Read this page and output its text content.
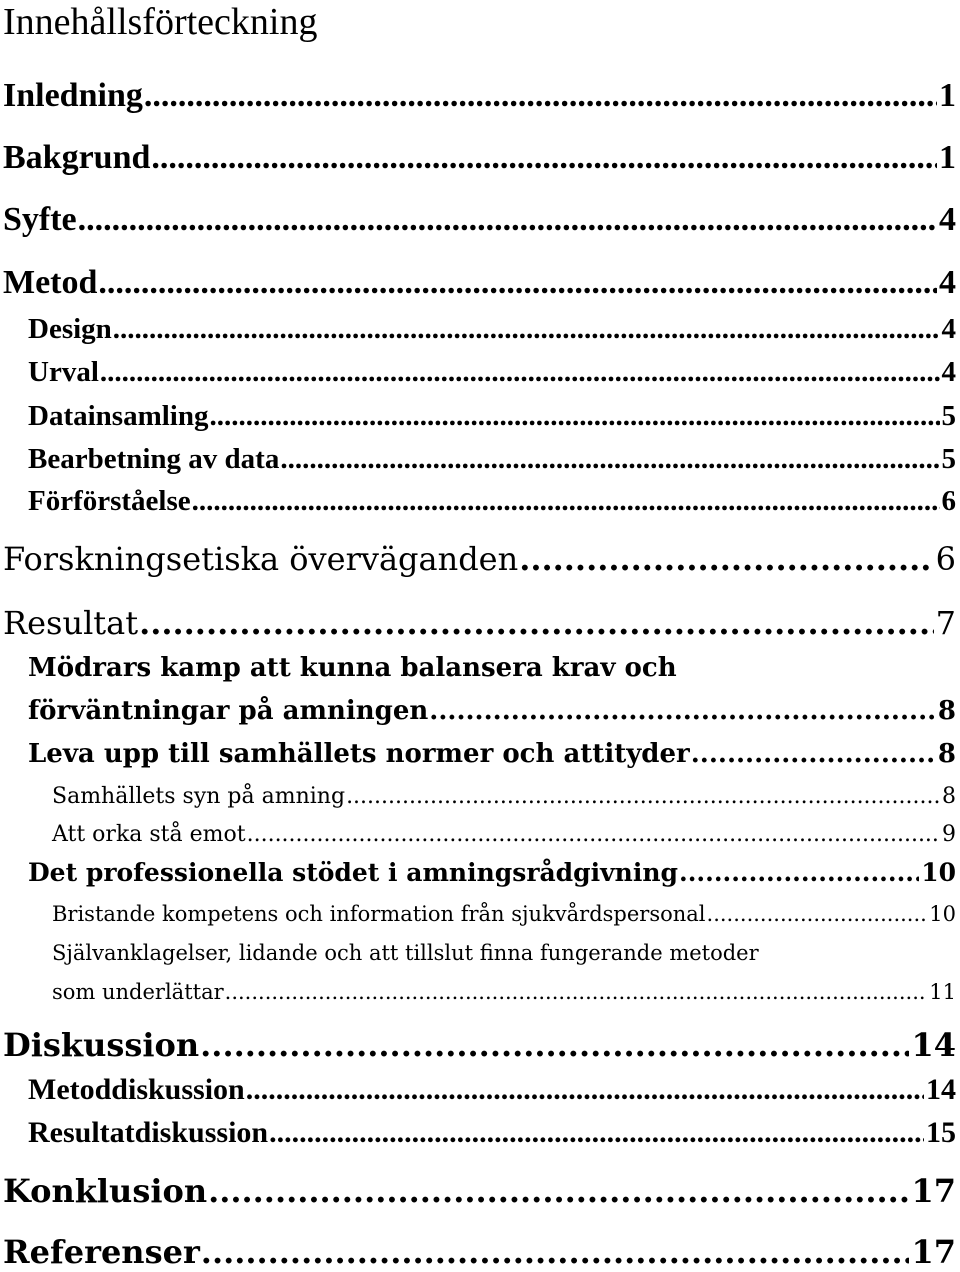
Innehållsförteckning
Inledning .....	1
Bakgrund .....	1
Syfte .....	4
Metod .....	4
Design .....	4
Urval .....	4
Datainsamling .....	5
Bearbetning av data .....	5
Förförståelse .....	6
Forskningsetiska överväganden .....	6
Resultat .....	7
Mödrars kamp att kunna balansera krav och
förväntningar på amningen .....	8
Leva upp till samhällets normer och attityder .....	8
Samhällets syn på amning .....	8
Att orka stå emot .....	9
Det professionella stödet i amningsrådgivning .....	10
Bristande kompetens och information från sjukvårdspersonal .....	10
Självanklagelser, lidande och att tillslut finna fungerande metoder
som underlättar .....	11
Diskussion .....	14
Metoddiskussion .....	14
Resultatdiskussion .....	15
Konklusion .....	17
Referenser .....	17
